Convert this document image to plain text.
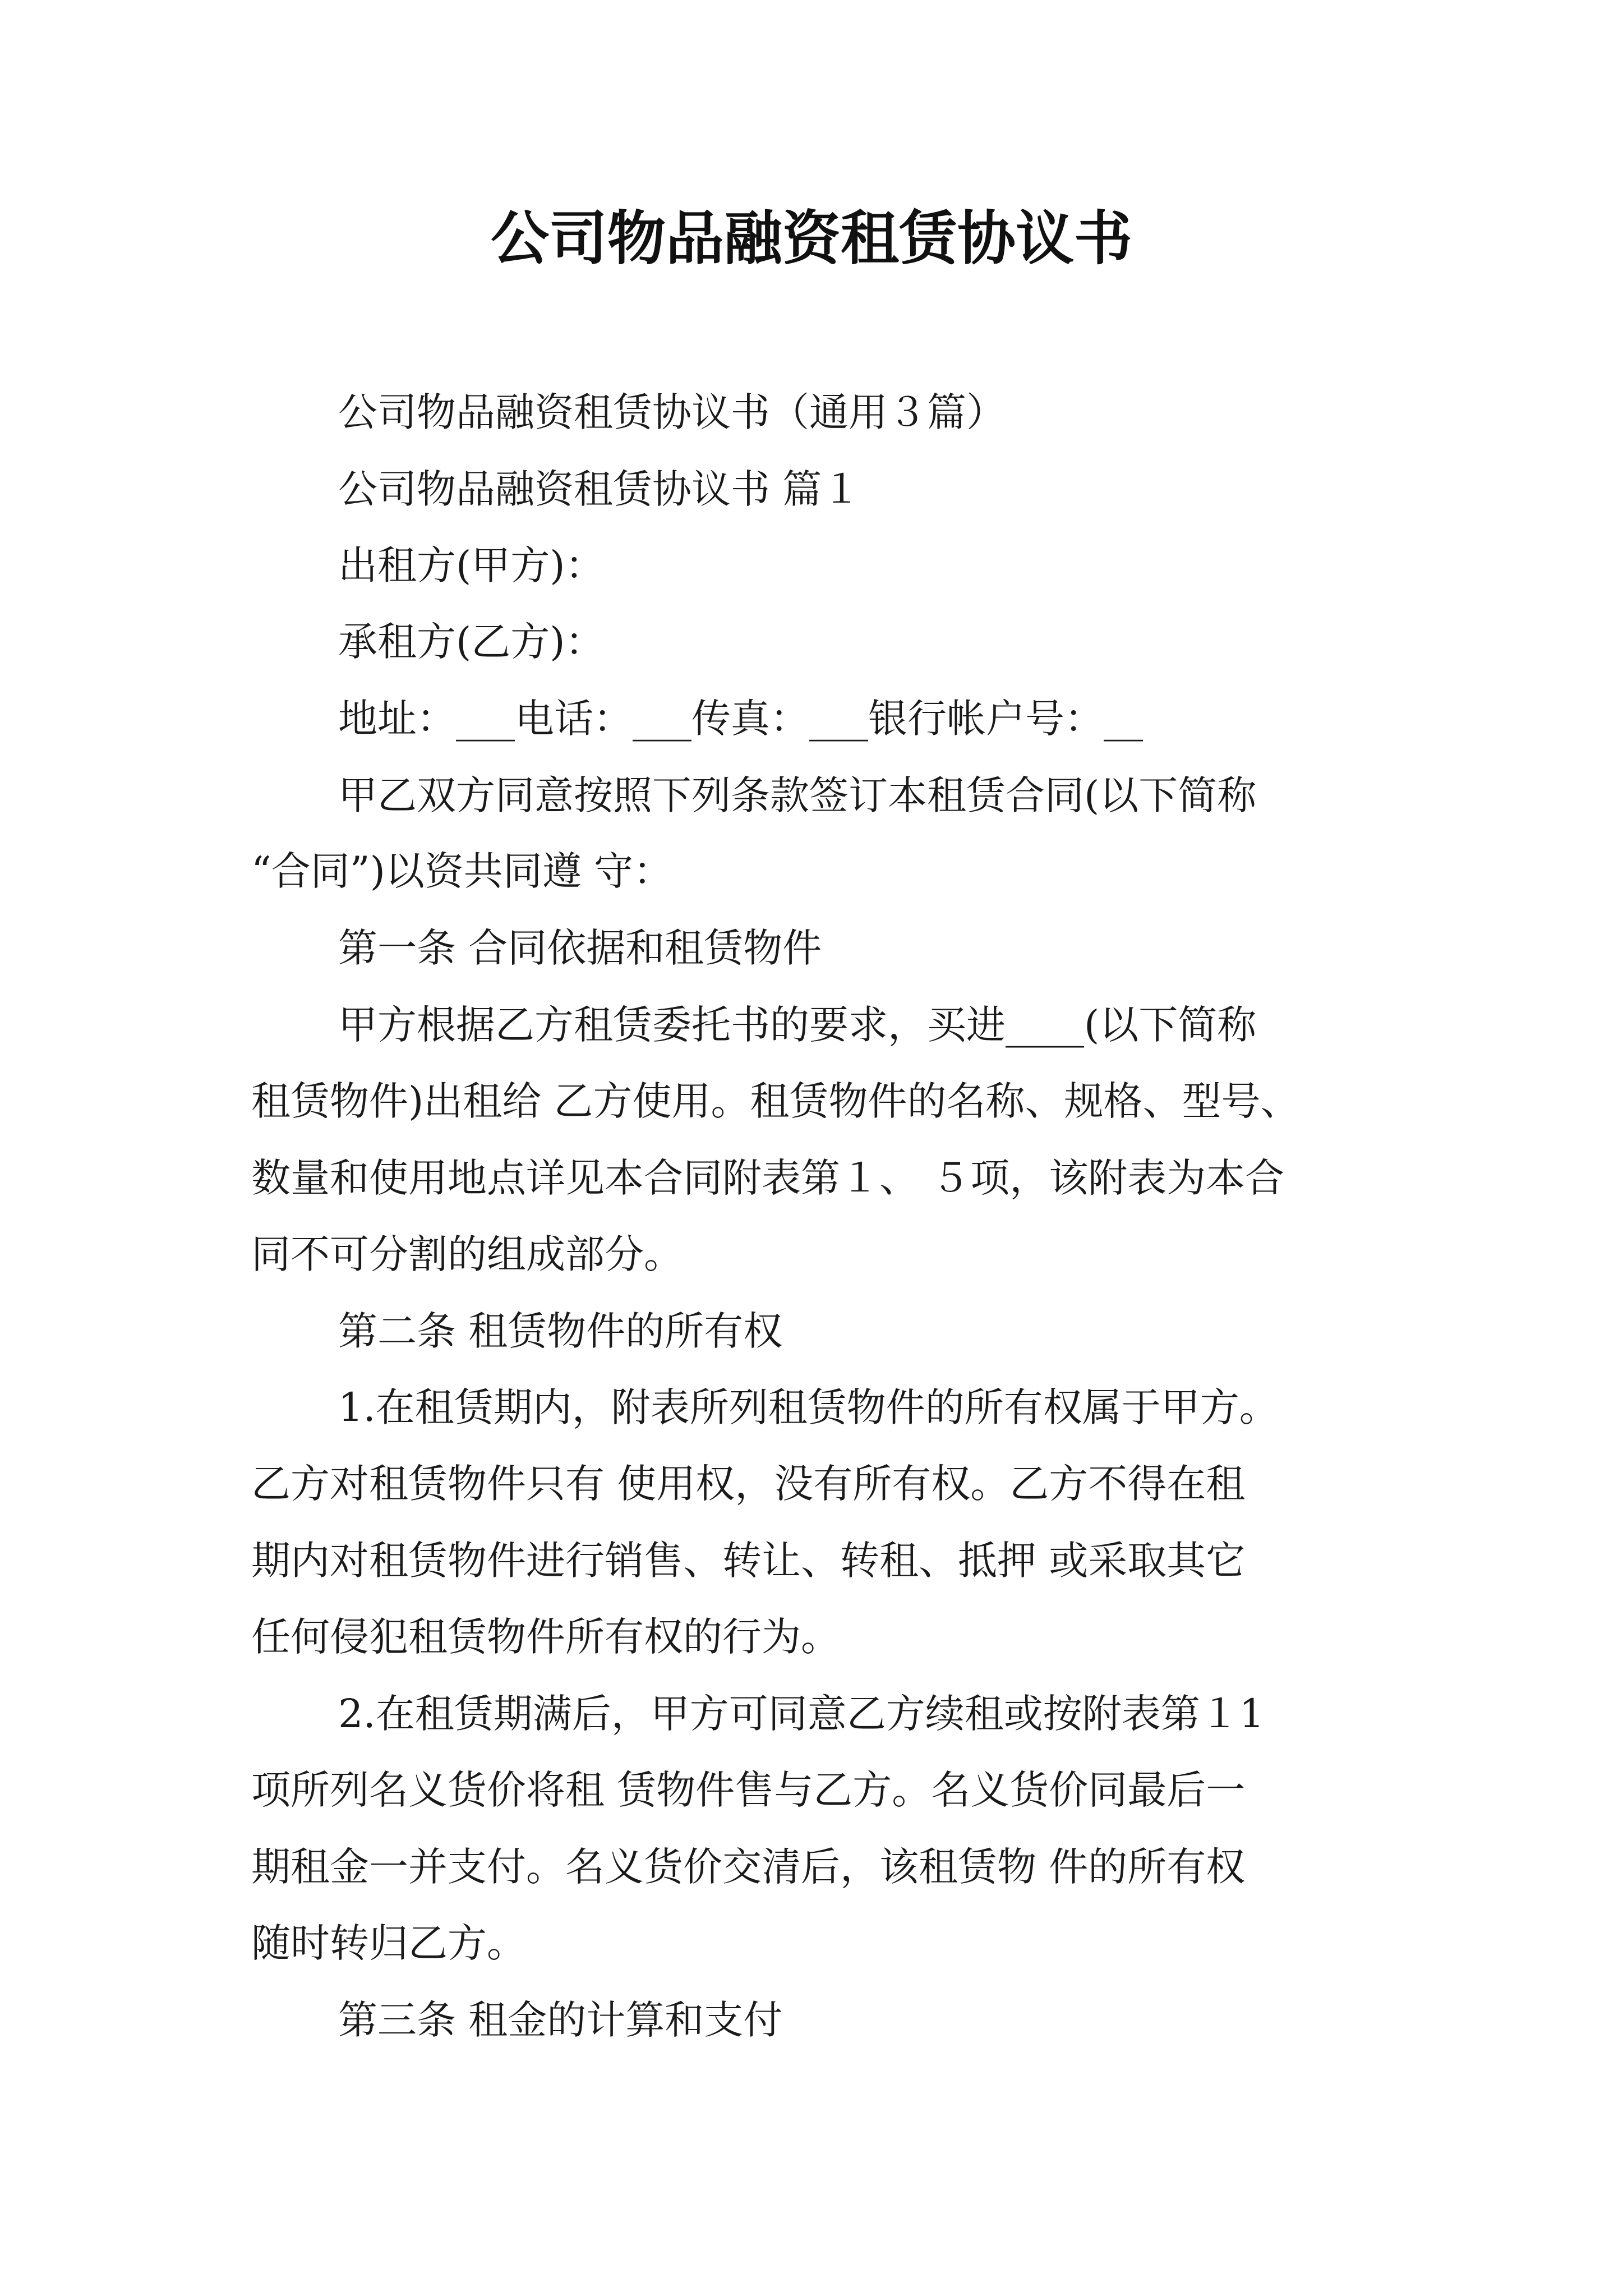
公司物品融资租赁协议书
公司物品融资租赁协议书（通用３篇）
公司物品融资租赁协议书 篇１
出租方(甲方)：
承租方(乙方)：
地址：___电话：___传真：___银行帐户号：__
甲乙双方同意按照下列条款签订本租赁合同(以下简称
“合同”)以资共同遵 守：
第一条 合同依据和租赁物件
甲方根据乙方租赁委托书的要求，买进____(以下简称
租赁物件)出租给 乙方使用。租赁物件的名称、规格、型号、
数量和使用地点详见本合同附表第１、 ５项，该附表为本合
同不可分割的组成部分。
第二条 租赁物件的所有权
1.在租赁期内，附表所列租赁物件的所有权属于甲方。
乙方对租赁物件只有 使用权，没有所有权。乙方不得在租
期内对租赁物件进行销售、转让、转租、抵押 或采取其它
任何侵犯租赁物件所有权的行为。
2.在租赁期满后，甲方可同意乙方续租或按附表第１1
项所列名义货价将租 赁物件售与乙方。名义货价同最后一
期租金一并支付。名义货价交清后，该租赁物 件的所有权
随时转归乙方。
第三条 租金的计算和支付
